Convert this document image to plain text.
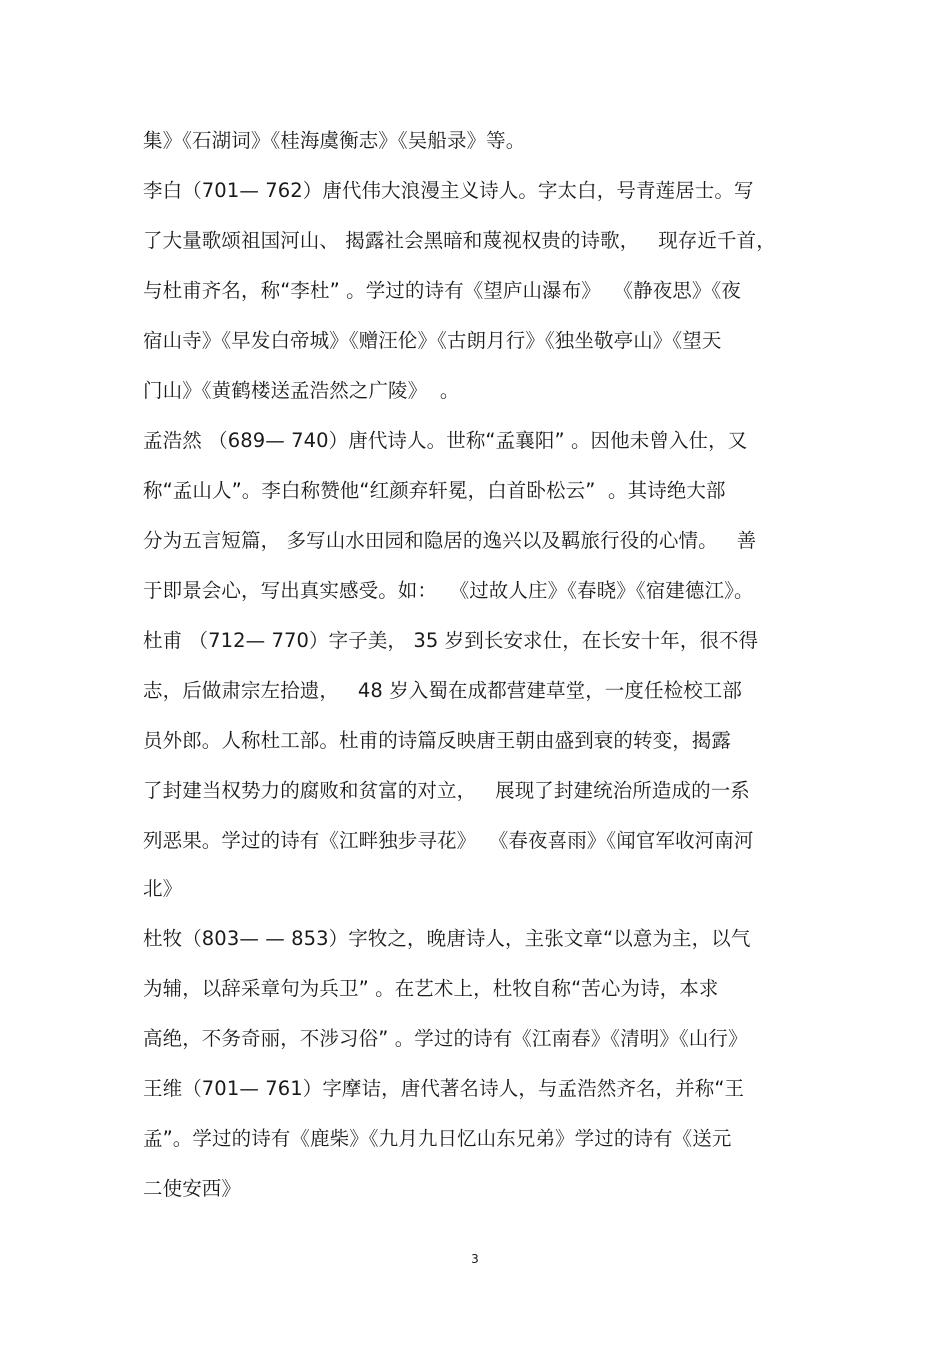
集》《石湖词》《桂海虞衡志》《吴船录》等。
李白（701— 762）唐代伟大浪漫主义诗人。字太白，号青莲居士。写
了大量歌颂祖国河山、 揭露社会黑暗和蔑视权贵的诗歌，   现存近千首，
与杜甫齐名，称“李杜” 。学过的诗有《望庐山瀑布》  《静夜思》《夜
宿山寺》《早发白帝城》《赠汪伦》《古朗月行》《独坐敬亭山》《望天
门山》《黄鹤楼送孟浩然之广陵》  。
孟浩然 （689— 740）唐代诗人。世称“孟襄阳” 。因他未曾入仕，又
称“孟山人”。李白称赞他“红颜弃轩冕，白首卧松云”  。其诗绝大部
分为五言短篇， 多写山水田园和隐居的逸兴以及羁旅行役的心情。   善
于即景会心，写出真实感受。如：  《过故人庄》《春晓》《宿建德江》。
杜甫 （712— 770）字子美， 35 岁到长安求仕，在长安十年，很不得
志，后做肃宗左拾遗，   48 岁入蜀在成都营建草堂，一度任检校工部
员外郎。人称杜工部。杜甫的诗篇反映唐王朝由盛到衰的转变，揭露
了封建当权势力的腐败和贫富的对立，   展现了封建统治所造成的一系
列恶果。学过的诗有《江畔独步寻花》  《春夜喜雨》《闻官军收河南河
北》
杜牧（803— — 853）字牧之，晚唐诗人，主张文章“以意为主，以气
为辅，以辞采章句为兵卫” 。在艺术上，杜牧自称“苦心为诗，本求
高绝，不务奇丽，不涉习俗” 。学过的诗有《江南春》《清明》《山行》
王维（701— 761）字摩诘，唐代著名诗人，与孟浩然齐名，并称“王
孟”。学过的诗有《鹿柴》《九月九日忆山东兄弟》学过的诗有《送元
二使安西》
3
